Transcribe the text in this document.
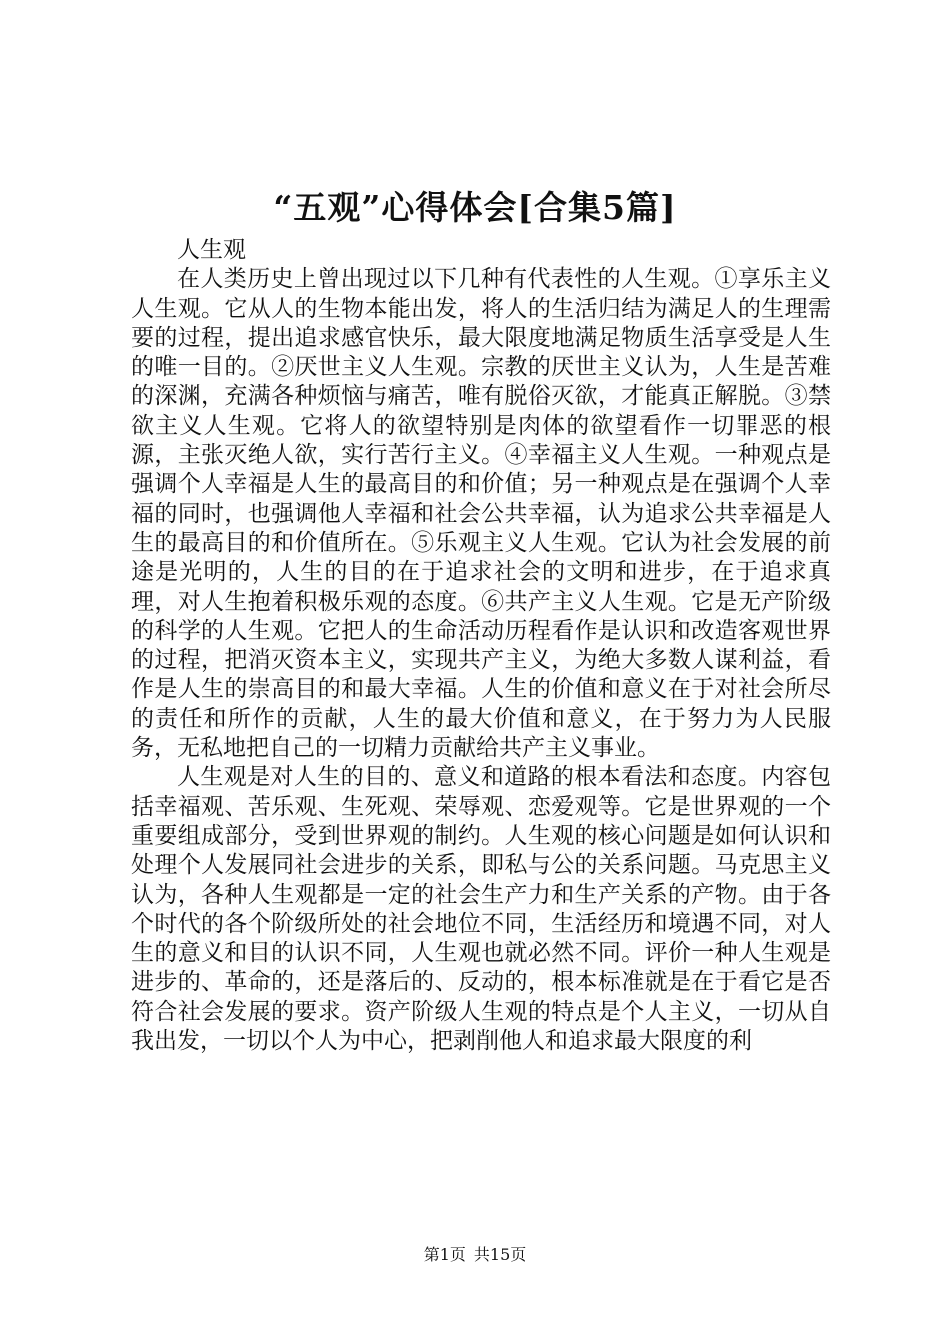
“五观”心得体会[合集5篇]

人生观

在人类历史上曾出现过以下几种有代表性的人生观。①享乐主义人生观。它从人的生物本能出发，将人的生活归结为满足人的生理需要的过程，提出追求感官快乐，最大限度地满足物质生活享受是人生的唯一目的。②厌世主义人生观。宗教的厌世主义认为，人生是苦难的深渊，充满各种烦恼与痛苦，唯有脱俗灭欲，才能真正解脱。③禁欲主义人生观。它将人的欲望特别是肉体的欲望看作一切罪恶的根源，主张灭绝人欲，实行苦行主义。④幸福主义人生观。一种观点是强调个人幸福是人生的最高目的和价值；另一种观点是在强调个人幸福的同时，也强调他人幸福和社会公共幸福，认为追求公共幸福是人生的最高目的和价值所在。⑤乐观主义人生观。它认为社会发展的前途是光明的，人生的目的在于追求社会的文明和进步，在于追求真理，对人生抱着积极乐观的态度。⑥共产主义人生观。它是无产阶级的科学的人生观。它把人的生命活动历程看作是认识和改造客观世界的过程，把消灭资本主义，实现共产主义，为绝大多数人谋利益，看作是人生的崇高目的和最大幸福。人生的价值和意义在于对社会所尽的责任和所作的贡献，人生的最大价值和意义，在于努力为人民服务，无私地把自己的一切精力贡献给共产主义事业。

人生观是对人生的目的、意义和道路的根本看法和态度。内容包括幸福观、苦乐观、生死观、荣辱观、恋爱观等。它是世界观的一个重要组成部分，受到世界观的制约。人生观的核心问题是如何认识和处理个人发展同社会进步的关系，即私与公的关系问题。马克思主义认为，各种人生观都是一定的社会生产力和生产关系的产物。由于各个时代的各个阶级所处的社会地位不同，生活经历和境遇不同，对人生的意义和目的认识不同，人生观也就必然不同。评价一种人生观是进步的、革命的，还是落后的、反动的，根本标准就是在于看它是否符合社会发展的要求。资产阶级人生观的特点是个人主义，一切从自我出发，一切以个人为中心，把剥削他人和追求最大限度的利

第1页 共15页
